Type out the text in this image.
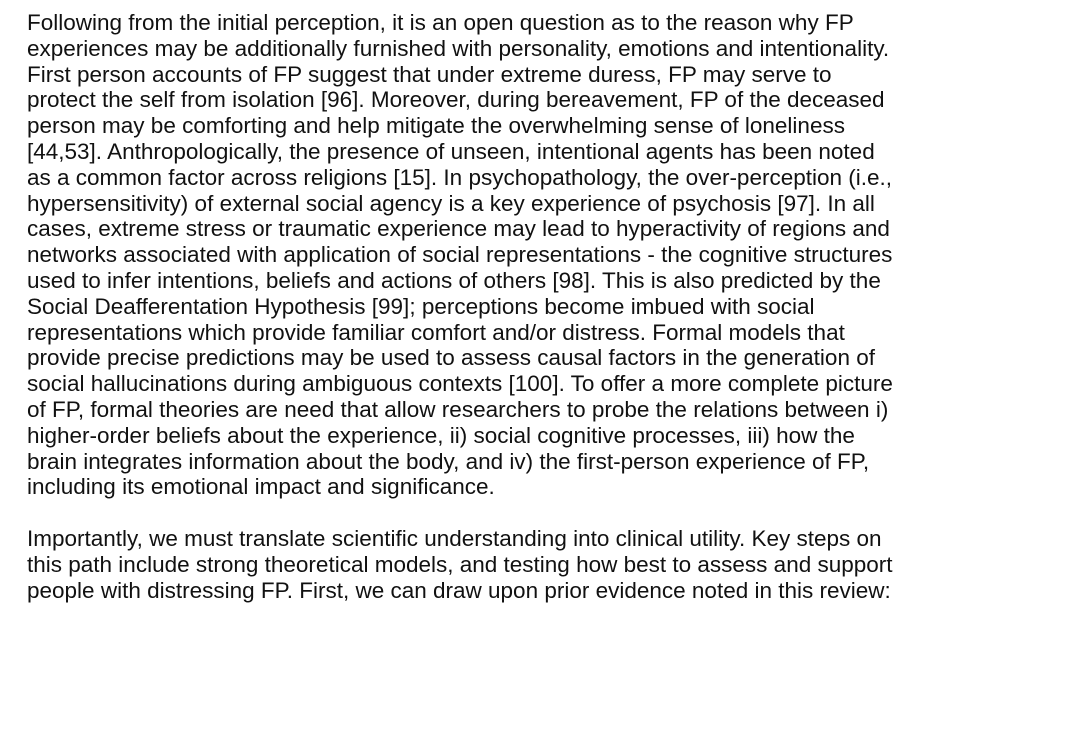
Following from the initial perception, it is an open question as to the reason why FP
experiences may be additionally furnished with personality, emotions and intentionality.
First person accounts of FP suggest that under extreme duress, FP may serve to
protect the self from isolation [96]. Moreover, during bereavement, FP of the deceased
person may be comforting and help mitigate the overwhelming sense of loneliness
[44,53]. Anthropologically, the presence of unseen, intentional agents has been noted
as a common factor across religions [15]. In psychopathology, the over-perception (i.e.,
hypersensitivity) of external social agency is a key experience of psychosis [97]. In all
cases, extreme stress or traumatic experience may lead to hyperactivity of regions and
networks associated with application of social representations - the cognitive structures
used to infer intentions, beliefs and actions of others [98]. This is also predicted by the
Social Deafferentation Hypothesis [99]; perceptions become imbued with social
representations which provide familiar comfort and/or distress. Formal models that
provide precise predictions may be used to assess causal factors in the generation of
social hallucinations during ambiguous contexts [100]. To offer a more complete picture
of FP, formal theories are need that allow researchers to probe the relations between i)
higher-order beliefs about the experience, ii) social cognitive processes, iii) how the
brain integrates information about the body, and iv) the first-person experience of FP,
including its emotional impact and significance.

Importantly, we must translate scientific understanding into clinical utility. Key steps on
this path include strong theoretical models, and testing how best to assess and support
people with distressing FP. First, we can draw upon prior evidence noted in this review:
